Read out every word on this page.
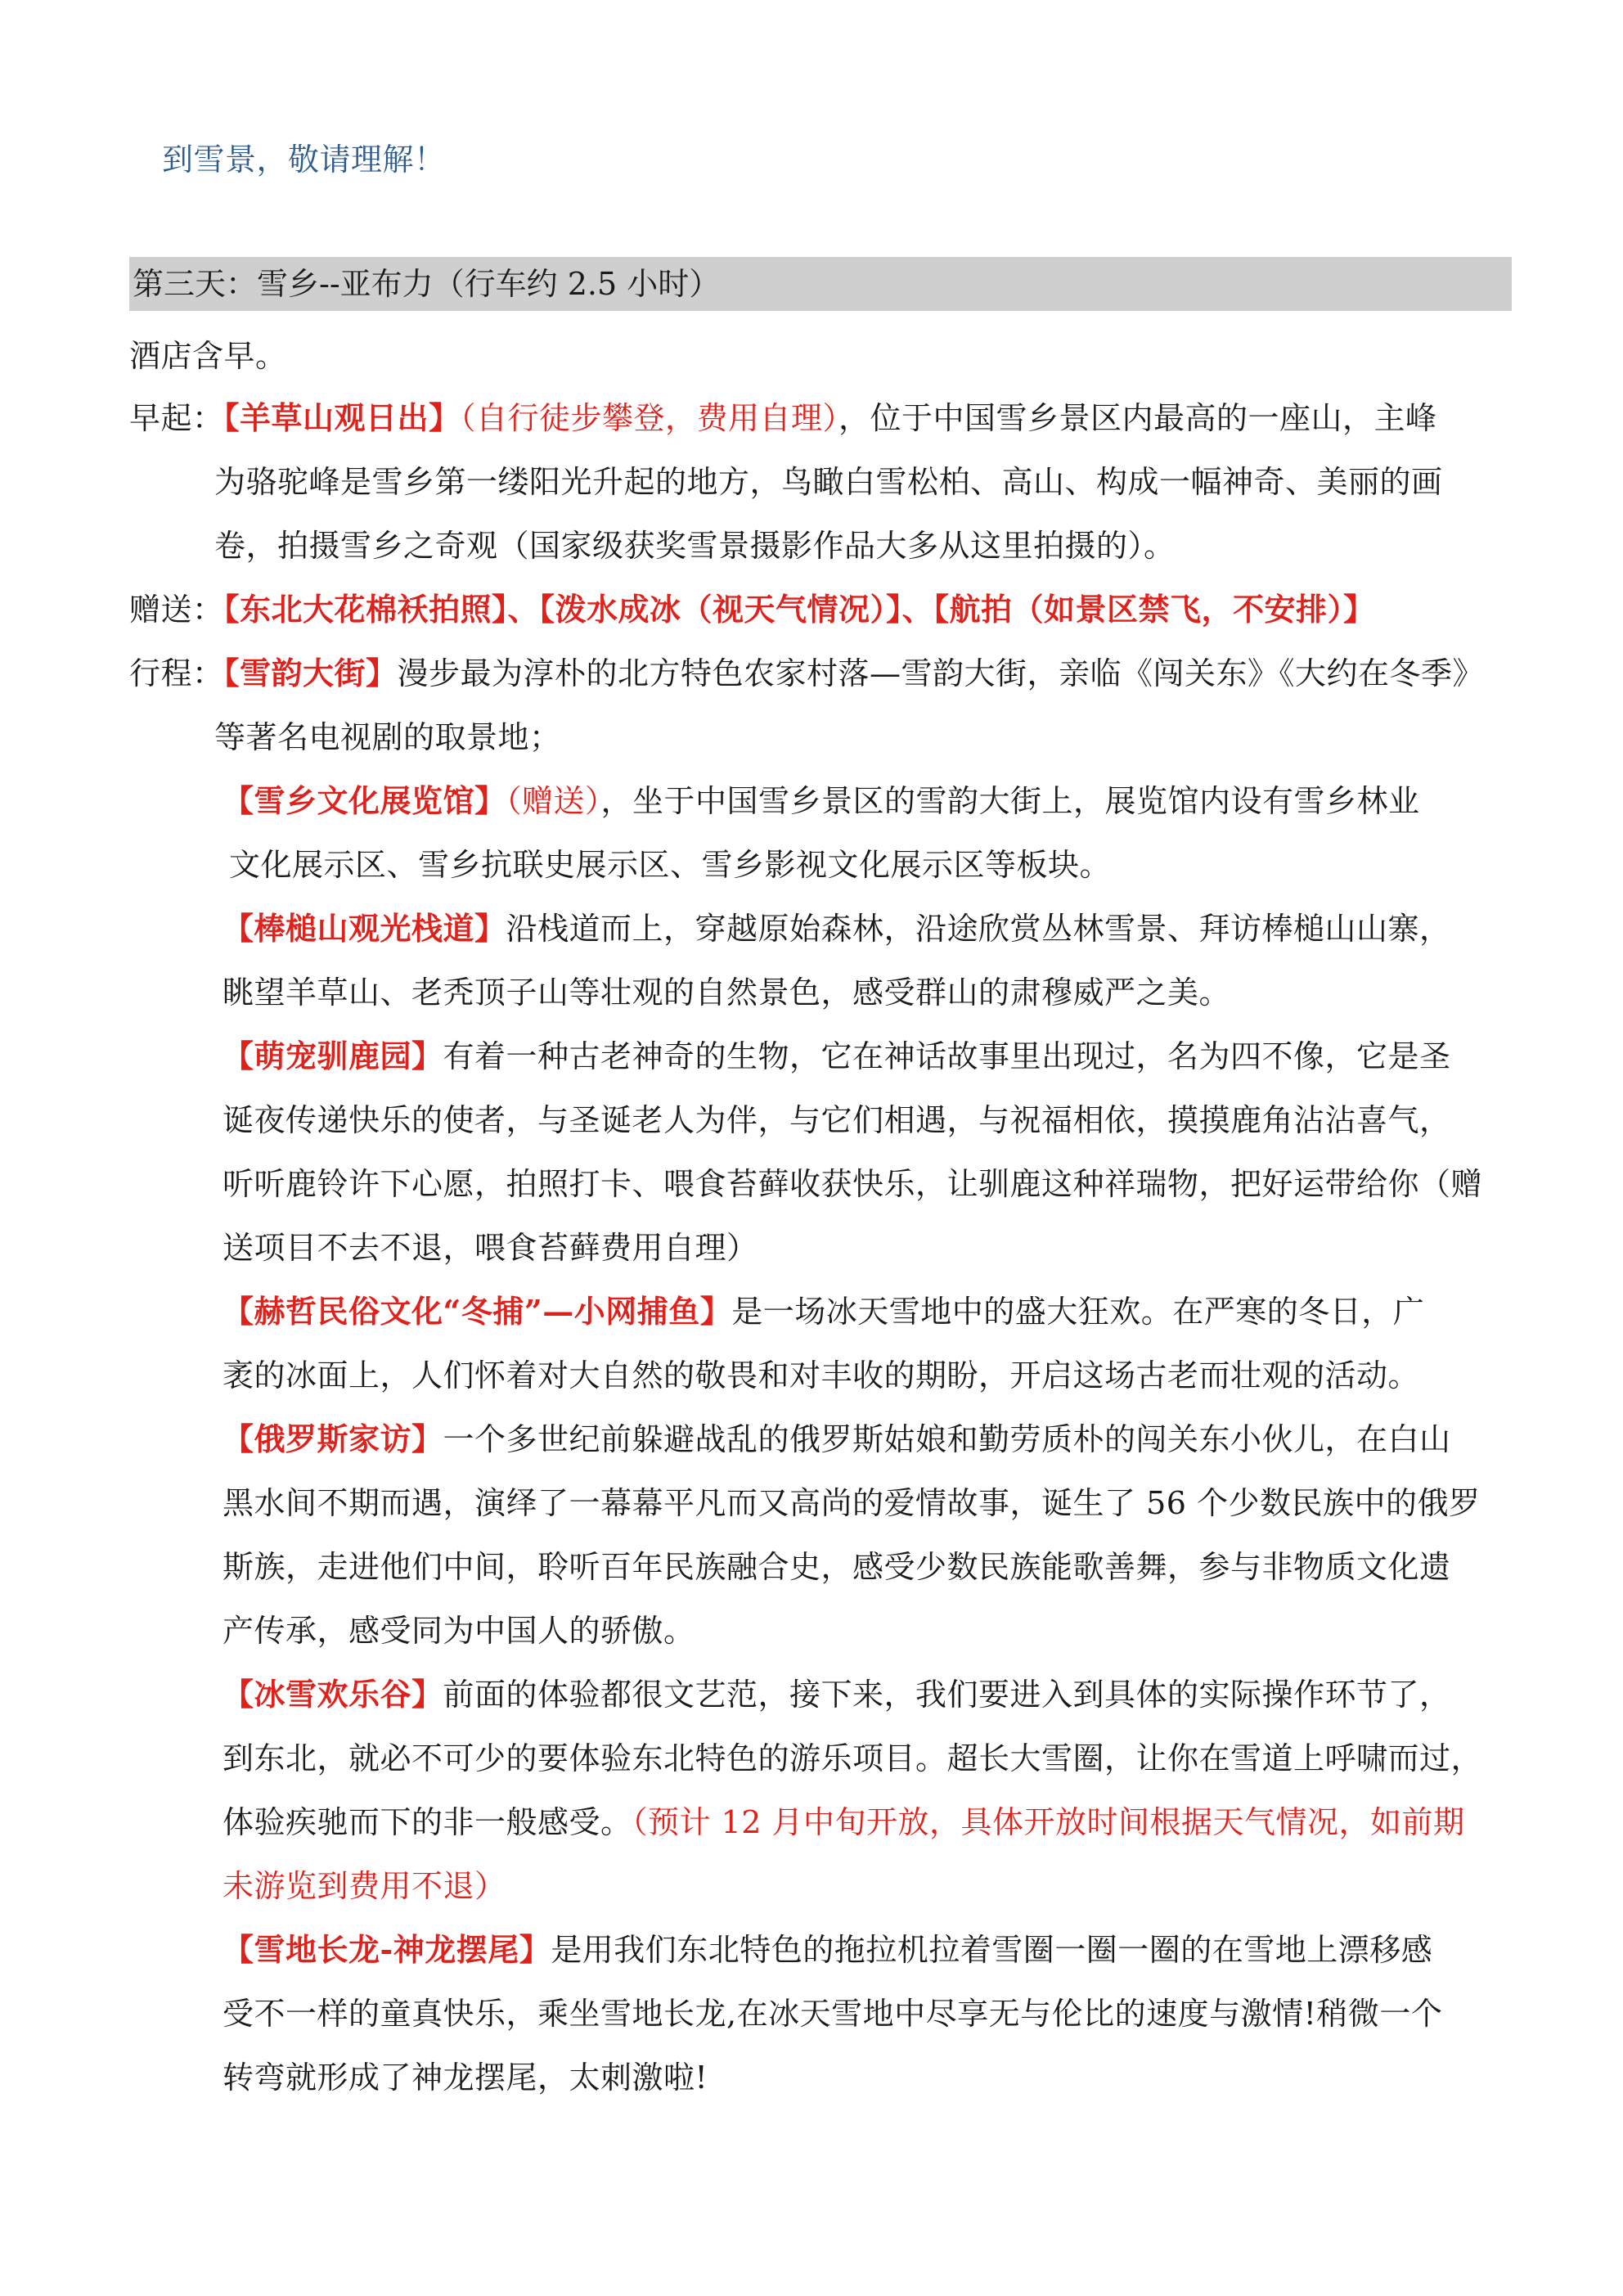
到雪景，敬请理解！
第三天：雪乡--亚布力（行车约 2.5 小时）
酒店含早。
早起：【羊草山观日出】（自行徒步攀登，费用自理），位于中国雪乡景区内最高的一座山，主峰
为骆驼峰是雪乡第一缕阳光升起的地方，鸟瞰白雪松柏、高山、构成一幅神奇、美丽的画
卷，拍摄雪乡之奇观（国家级获奖雪景摄影作品大多从这里拍摄的）。
赠送：【东北大花棉袄拍照】、【泼水成冰（视天气情况）】、【航拍（如景区禁飞，不安排）】
行程：【雪韵大街】漫步最为淳朴的北方特色农家村落—雪韵大街，亲临《闯关东》《大约在冬季》
等著名电视剧的取景地；
【雪乡文化展览馆】（赠送），坐于中国雪乡景区的雪韵大街上，展览馆内设有雪乡林业
文化展示区、雪乡抗联史展示区、雪乡影视文化展示区等板块。
【棒槌山观光栈道】沿栈道而上，穿越原始森林，沿途欣赏丛林雪景、拜访棒槌山山寨，
眺望羊草山、老秃顶子山等壮观的自然景色，感受群山的肃穆威严之美。
【萌宠驯鹿园】有着一种古老神奇的生物，它在神话故事里出现过，名为四不像，它是圣
诞夜传递快乐的使者，与圣诞老人为伴，与它们相遇，与祝福相依，摸摸鹿角沾沾喜气，
听听鹿铃许下心愿，拍照打卡、喂食苔藓收获快乐，让驯鹿这种祥瑞物，把好运带给你（赠
送项目不去不退，喂食苔藓费用自理）
【赫哲民俗文化“冬捕”—小网捕鱼】是一场冰天雪地中的盛大狂欢。在严寒的冬日，广
袤的冰面上，人们怀着对大自然的敬畏和对丰收的期盼，开启这场古老而壮观的活动。
【俄罗斯家访】一个多世纪前躲避战乱的俄罗斯姑娘和勤劳质朴的闯关东小伙儿，在白山
黑水间不期而遇，演绎了一幕幕平凡而又高尚的爱情故事，诞生了 56 个少数民族中的俄罗
斯族，走进他们中间，聆听百年民族融合史，感受少数民族能歌善舞，参与非物质文化遗
产传承，感受同为中国人的骄傲。
【冰雪欢乐谷】前面的体验都很文艺范，接下来，我们要进入到具体的实际操作环节了，
到东北，就必不可少的要体验东北特色的游乐项目。超长大雪圈，让你在雪道上呼啸而过，
体验疾驰而下的非一般感受。（预计 12 月中旬开放，具体开放时间根据天气情况，如前期
未游览到费用不退）
【雪地长龙-神龙摆尾】是用我们东北特色的拖拉机拉着雪圈一圈一圈的在雪地上漂移感
受不一样的童真快乐，乘坐雪地长龙,在冰天雪地中尽享无与伦比的速度与激情!稍微一个
转弯就形成了神龙摆尾，太刺激啦!
